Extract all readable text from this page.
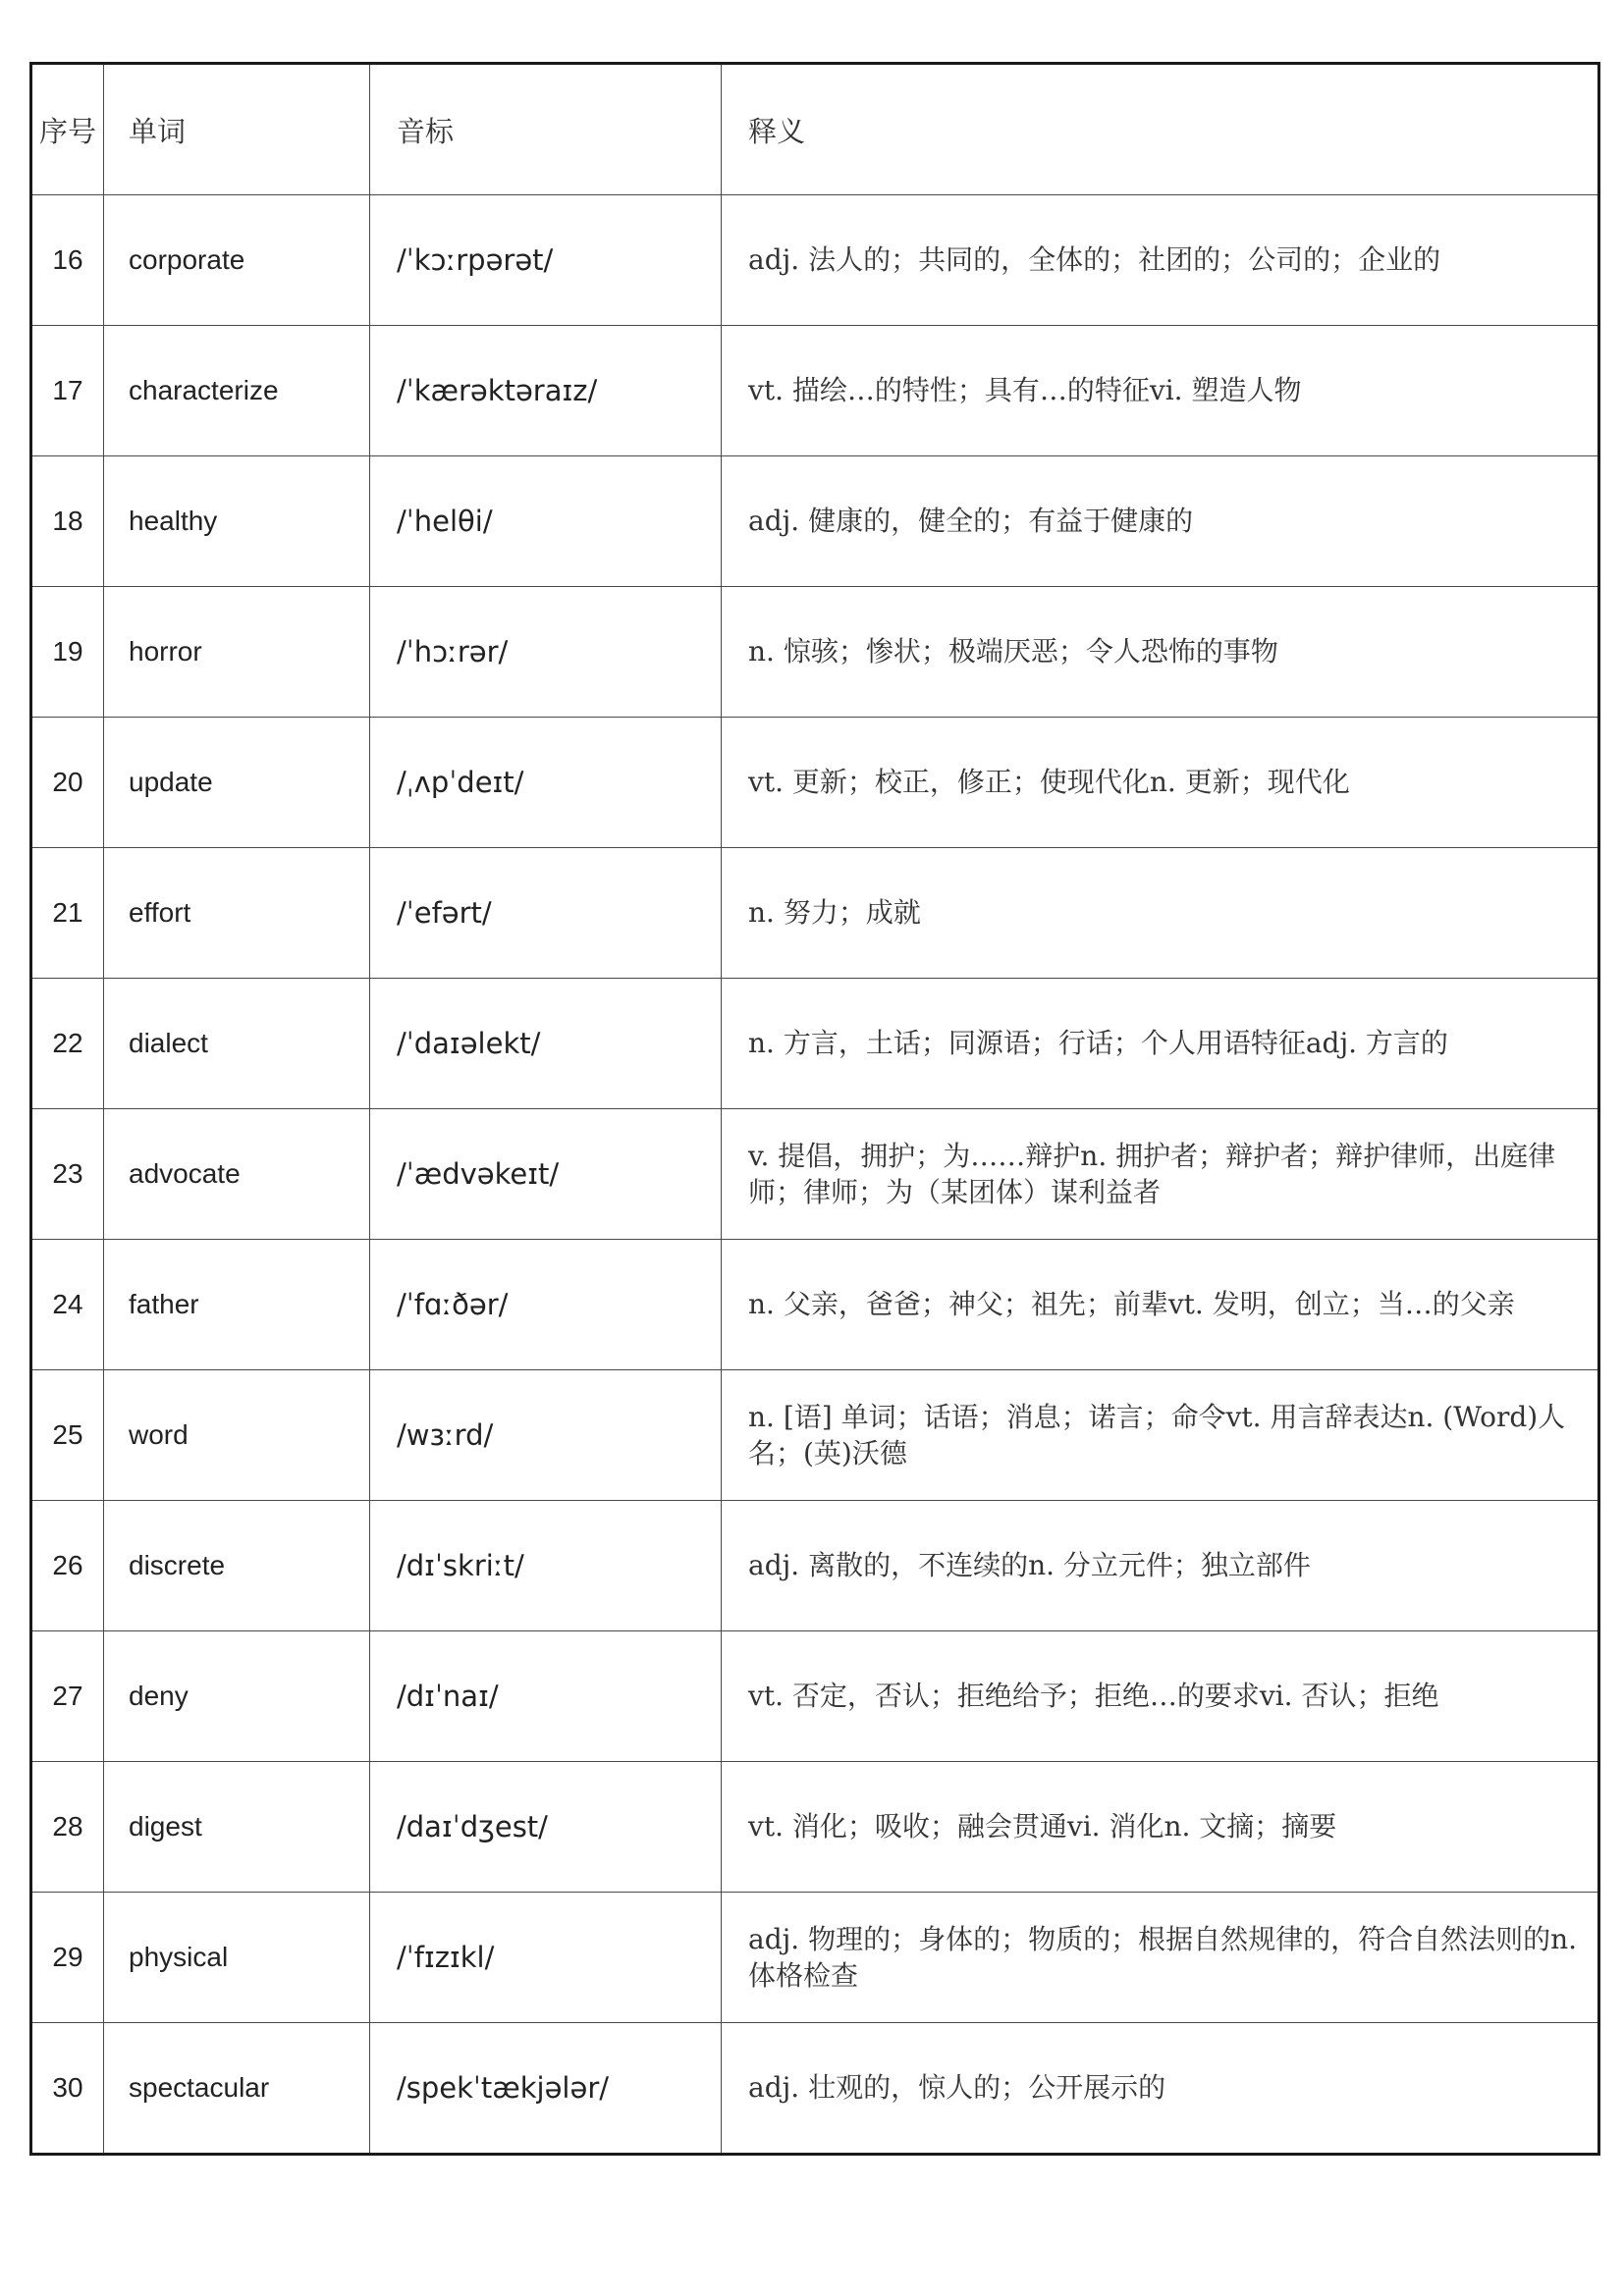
序号	单词	音标	释义
16	corporate	/ˈkɔːrpərət/	adj. 法人的；共同的，全体的；社团的；公司的；企业的
17	characterize	/ˈkærəktəraɪz/	vt. 描绘…的特性；具有…的特征vi. 塑造人物
18	healthy	/ˈhelθi/	adj. 健康的，健全的；有益于健康的
19	horror	/ˈhɔːrər/	n. 惊骇；惨状；极端厌恶；令人恐怖的事物
20	update	/ˌʌpˈdeɪt/	vt. 更新；校正，修正；使现代化n. 更新；现代化
21	effort	/ˈefərt/	n. 努力；成就
22	dialect	/ˈdaɪəlekt/	n. 方言，土话；同源语；行话；个人用语特征adj. 方言的
23	advocate	/ˈædvəkeɪt/	v. 提倡，拥护；为……辩护n. 拥护者；辩护者；辩护律师，出庭律师；律师；为（某团体）谋利益者
24	father	/ˈfɑːðər/	n. 父亲，爸爸；神父；祖先；前辈vt. 发明，创立；当…的父亲
25	word	/wɜːrd/	n. [语] 单词；话语；消息；诺言；命令vt. 用言辞表达n. (Word)人名；(英)沃德
26	discrete	/dɪˈskriːt/	adj. 离散的，不连续的n. 分立元件；独立部件
27	deny	/dɪˈnaɪ/	vt. 否定，否认；拒绝给予；拒绝…的要求vi. 否认；拒绝
28	digest	/daɪˈdʒest/	vt. 消化；吸收；融会贯通vi. 消化n. 文摘；摘要
29	physical	/ˈfɪzɪkl/	adj. 物理的；身体的；物质的；根据自然规律的，符合自然法则的n. 体格检查
30	spectacular	/spekˈtækjələr/	adj. 壮观的，惊人的；公开展示的
